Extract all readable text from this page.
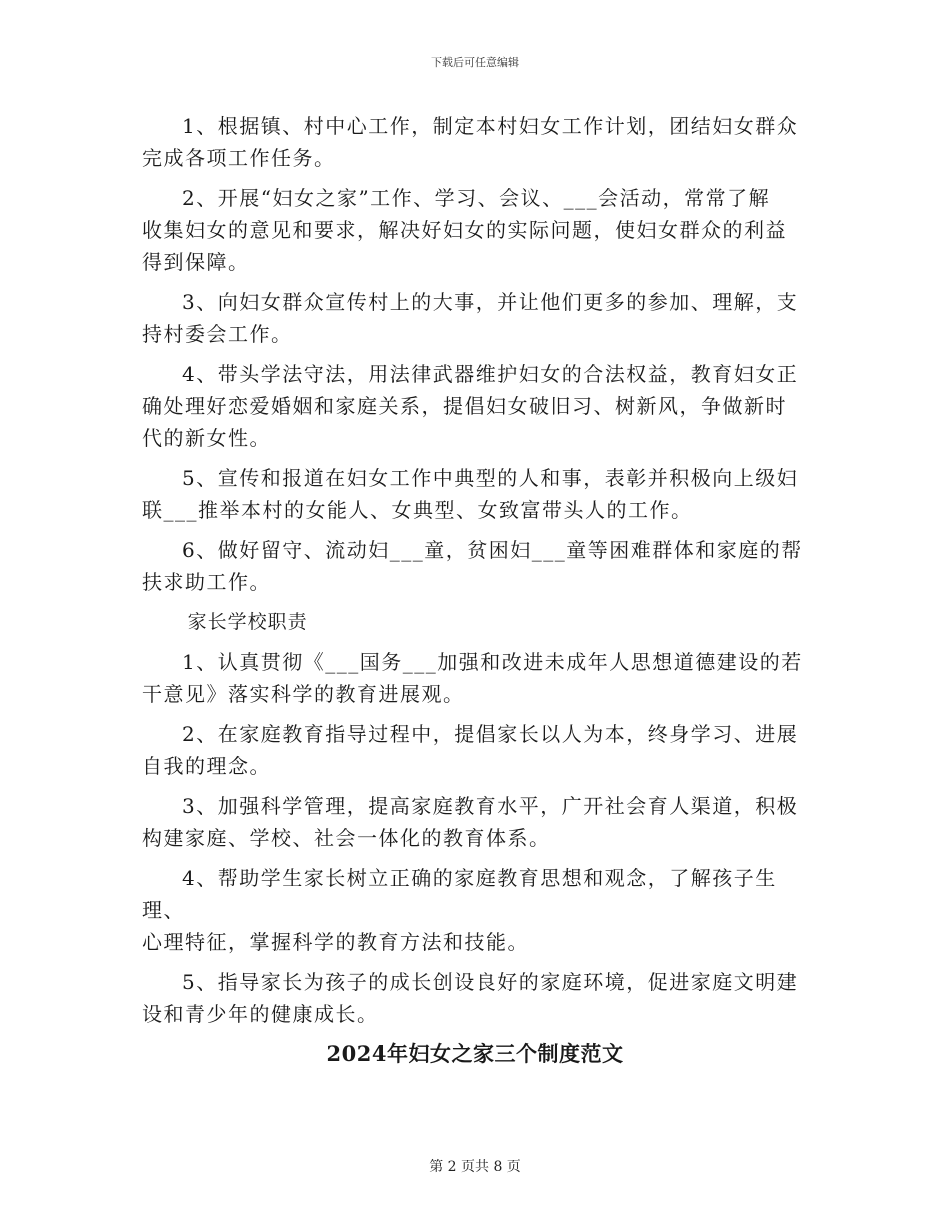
下载后可任意编辑
1、根据镇、村中心工作，制定本村妇女工作计划，团结妇女群众
完成各项工作任务。
2、开展“妇女之家”工作、学习、会议、___会活动，常常了解
收集妇女的意见和要求，解决好妇女的实际问题，使妇女群众的利益
得到保障。
3、向妇女群众宣传村上的大事，并让他们更多的参加、理解，支
持村委会工作。
4、带头学法守法，用法律武器维护妇女的合法权益，教育妇女正
确处理好恋爱婚姻和家庭关系，提倡妇女破旧习、树新风，争做新时
代的新女性。
5、宣传和报道在妇女工作中典型的人和事，表彰并积极向上级妇
联___推举本村的女能人、女典型、女致富带头人的工作。
6、做好留守、流动妇___童，贫困妇___童等困难群体和家庭的帮
扶求助工作。
家长学校职责
1、认真贯彻《___国务___加强和改进未成年人思想道德建设的若
干意见》落实科学的教育进展观。
2、在家庭教育指导过程中，提倡家长以人为本，终身学习、进展
自我的理念。
3、加强科学管理，提高家庭教育水平，广开社会育人渠道，积极
构建家庭、学校、社会一体化的教育体系。
4、帮助学生家长树立正确的家庭教育思想和观念，了解孩子生理、
心理特征，掌握科学的教育方法和技能。
5、指导家长为孩子的成长创设良好的家庭环境，促进家庭文明建
设和青少年的健康成长。
2024年妇女之家三个制度范文
第 2 页共 8 页
